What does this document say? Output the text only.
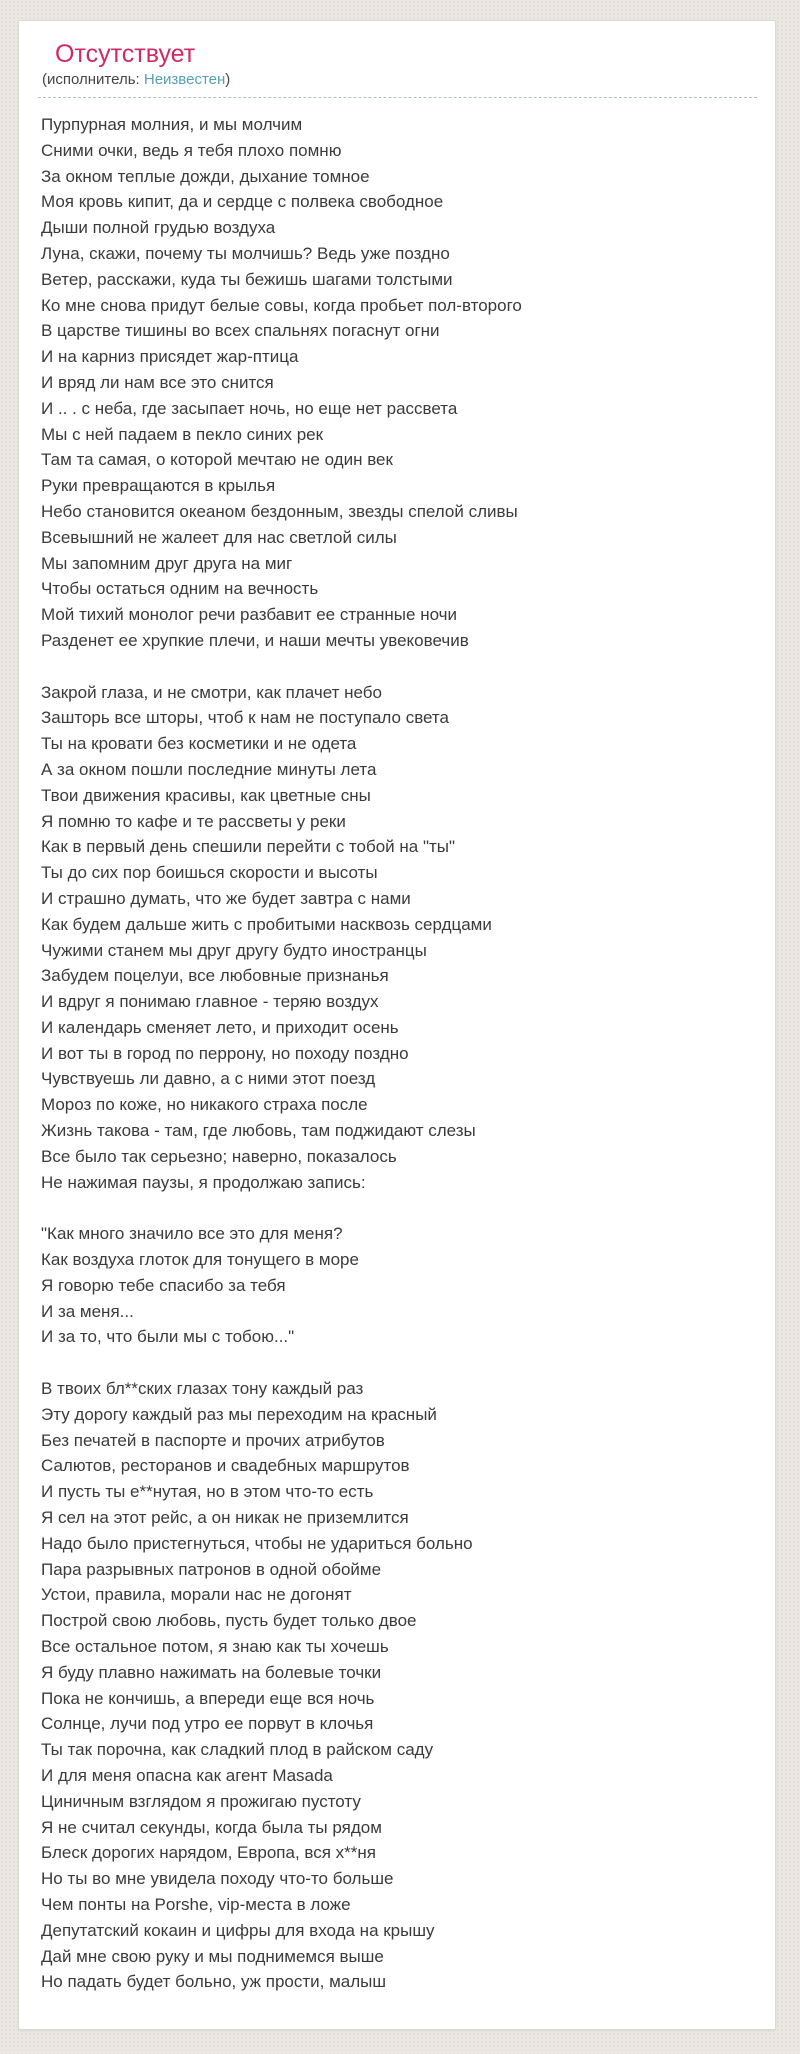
Отсутствует
(исполнитель: Неизвестен)

Пурпурная молния, и мы молчим
Сними очки, ведь я тебя плохо помню
За окном теплые дожди, дыхание томное
Моя кровь кипит, да и сердце с полвека свободное
Дыши полной грудью воздуха
Луна, скажи, почему ты молчишь? Ведь уже поздно
Ветер, расскажи, куда ты бежишь шагами толстыми
Ко мне снова придут белые совы, когда пробьет пол-второго
В царстве тишины во всех спальнях погаснут огни
И на карниз присядет жар-птица
И вряд ли нам все это снится
И .. . с неба, где засыпает ночь, но еще нет рассвета
Мы с ней падаем в пекло синих рек
Там та самая, о которой мечтаю не один век
Руки превращаются в крылья
Небо становится океаном бездонным, звезды спелой сливы
Всевышний не жалеет для нас светлой силы
Мы запомним друг друга на миг
Чтобы остаться одним на вечность
Мой тихий монолог речи разбавит ее странные ночи
Разденет ее хрупкие плечи, и наши мечты увековечив

Закрой глаза, и не смотри, как плачет небо
Зашторь все шторы, чтоб к нам не поступало света
Ты на кровати без косметики и не одета
А за окном пошли последние минуты лета
Твои движения красивы, как цветные сны
Я помню то кафе и те рассветы у реки
Как в первый день спешили перейти с тобой на "ты"
Ты до сих пор боишься скорости и высоты
И страшно думать, что же будет завтра с нами
Как будем дальше жить с пробитыми насквозь сердцами
Чужими станем мы друг другу будто иностранцы
Забудем поцелуи, все любовные признанья
И вдруг я понимаю главное - теряю воздух
И календарь сменяет лето, и приходит осень
И вот ты в город по перрону, но походу поздно
Чувствуешь ли давно, а с ними этот поезд
Мороз по коже, но никакого страха после
Жизнь такова - там, где любовь, там поджидают слезы
Все было так серьезно; наверно, показалось
Не нажимая паузы, я продолжаю запись:

"Как много значило все это для меня?
Как воздуха глоток для тонущего в море
Я говорю тебе спасибо за тебя
И за меня...
И за то, что были мы с тобою..."

В твоих бл**ских глазах тону каждый раз
Эту дорогу каждый раз мы переходим на красный
Без печатей в паспорте и прочих атрибутов
Салютов, ресторанов и свадебных маршрутов
И пусть ты е**нутая, но в этом что-то есть
Я сел на этот рейс, а он никак не приземлится
Надо было пристегнуться, чтобы не удариться больно
Пара разрывных патронов в одной обойме
Устои, правила, морали нас не догонят
Построй свою любовь, пусть будет только двое
Все остальное потом, я знаю как ты хочешь
Я буду плавно нажимать на болевые точки
Пока не кончишь, а впереди еще вся ночь
Солнце, лучи под утро ее порвут в клочья
Ты так порочна, как сладкий плод в райском саду
И для меня опасна как агент Masada
Циничным взглядом я прожигаю пустоту
Я не считал секунды, когда была ты рядом
Блеск дорогих нарядом, Европа, вся х**ня
Но ты во мне увидела походу что-то больше
Чем понты на Porshe, vip-места в ложе
Депутатский кокаин и цифры для входа на крышу
Дай мне свою руку и мы поднимемся выше
Но падать будет больно, уж прости, малыш
